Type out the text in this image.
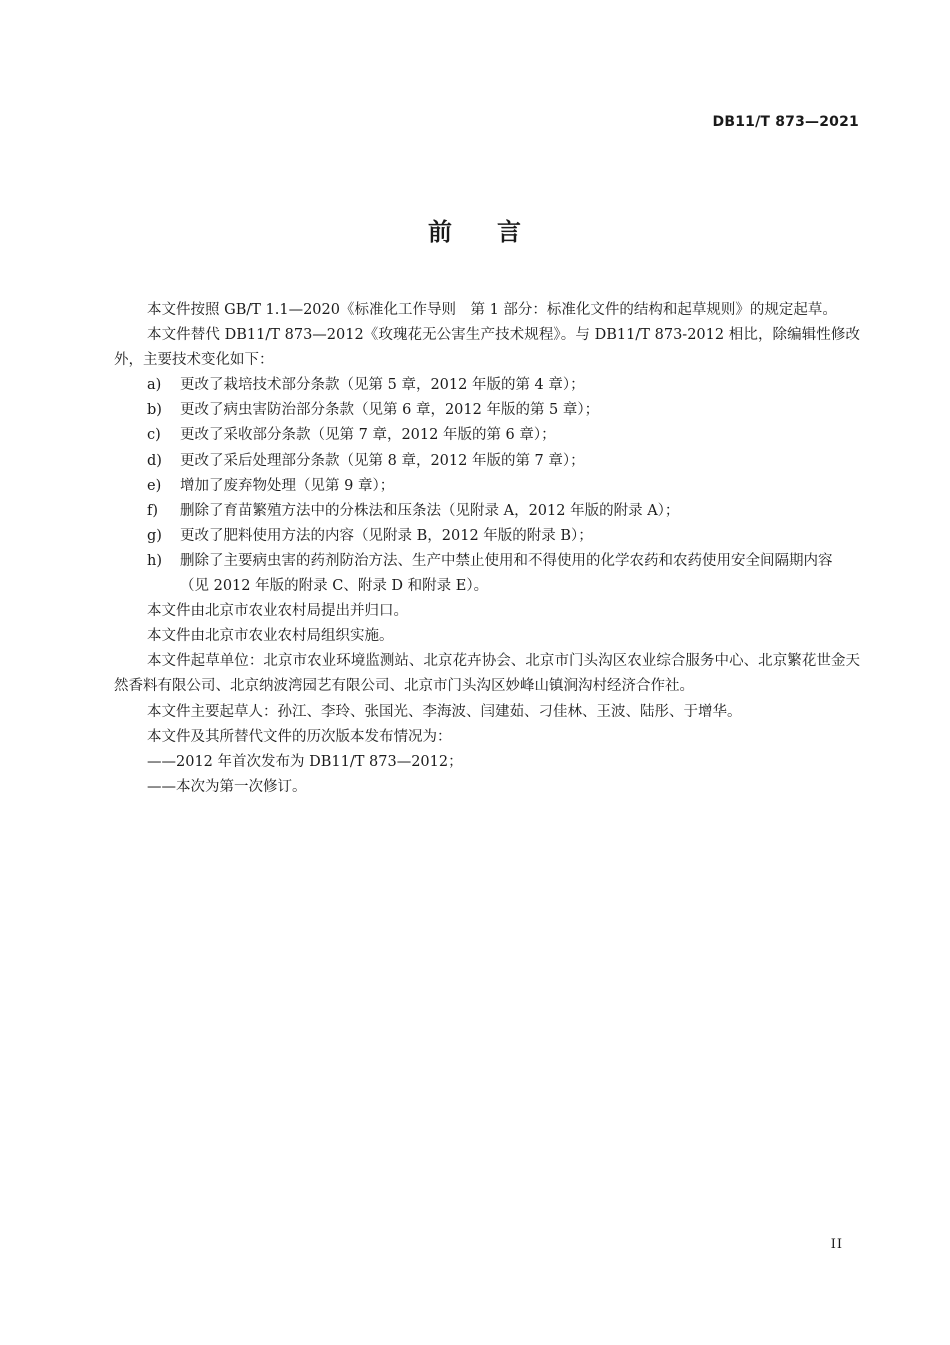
DB11/T 873—2021
前 言

本文件按照 GB/T 1.1—2020《标准化工作导则　第 1 部分：标准化文件的结构和起草规则》的规定起草。

本文件替代 DB11/T 873—2012《玫瑰花无公害生产技术规程》。与 DB11/T 873-2012 相比，除编辑性修改外，主要技术变化如下：

a) 更改了栽培技术部分条款（见第 5 章，2012 年版的第 4 章）；
b) 更改了病虫害防治部分条款（见第 6 章，2012 年版的第 5 章）；
c) 更改了采收部分条款（见第 7 章，2012 年版的第 6 章）；
d) 更改了采后处理部分条款（见第 8 章，2012 年版的第 7 章）；
e) 增加了废弃物处理（见第 9 章）；
f) 删除了育苗繁殖方法中的分株法和压条法（见附录 A，2012 年版的附录 A）；
g) 更改了肥料使用方法的内容（见附录 B，2012 年版的附录 B）；
h) 删除了主要病虫害的药剂防治方法、生产中禁止使用和不得使用的化学农药和农药使用安全间隔期内容（见 2012 年版的附录 C、附录 D 和附录 E）。

本文件由北京市农业农村局提出并归口。

本文件由北京市农业农村局组织实施。

本文件起草单位：北京市农业环境监测站、北京花卉协会、北京市门头沟区农业综合服务中心、北京繁花世金天然香料有限公司、北京纳波湾园艺有限公司、北京市门头沟区妙峰山镇涧沟村经济合作社。

本文件主要起草人：孙江、李玲、张国光、李海波、闫建茹、刁佳林、王波、陆彤、于增华。

本文件及其所替代文件的历次版本发布情况为：

——2012 年首次发布为 DB11/T 873—2012；

——本次为第一次修订。

II
